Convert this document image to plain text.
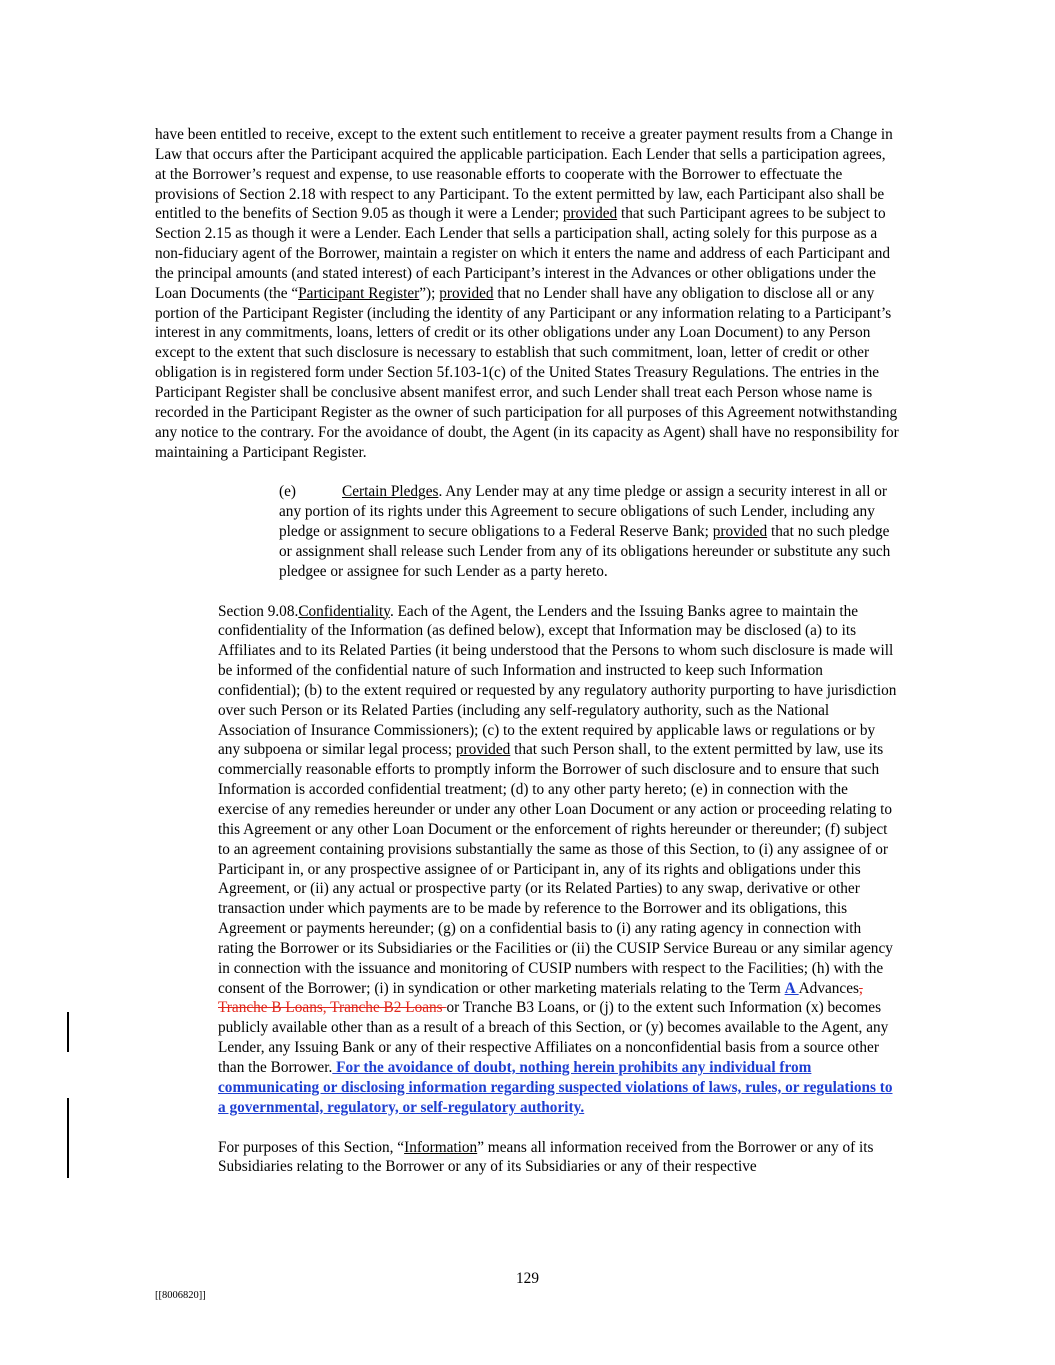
have been entitled to receive, except to the extent such entitlement to receive a greater payment results from a Change in Law that occurs after the Participant acquired the applicable participation. Each Lender that sells a participation agrees, at the Borrower’s request and expense, to use reasonable efforts to cooperate with the Borrower to effectuate the provisions of Section 2.18 with respect to any Participant. To the extent permitted by law, each Participant also shall be entitled to the benefits of Section 9.05 as though it were a Lender; provided that such Participant agrees to be subject to Section 2.15 as though it were a Lender. Each Lender that sells a participation shall, acting solely for this purpose as a non-fiduciary agent of the Borrower, maintain a register on which it enters the name and address of each Participant and the principal amounts (and stated interest) of each Participant’s interest in the Advances or other obligations under the Loan Documents (the “Participant Register”); provided that no Lender shall have any obligation to disclose all or any portion of the Participant Register (including the identity of any Participant or any information relating to a Participant’s interest in any commitments, loans, letters of credit or its other obligations under any Loan Document) to any Person except to the extent that such disclosure is necessary to establish that such commitment, loan, letter of credit or other obligation is in registered form under Section 5f.103-1(c) of the United States Treasury Regulations. The entries in the Participant Register shall be conclusive absent manifest error, and such Lender shall treat each Person whose name is recorded in the Participant Register as the owner of such participation for all purposes of this Agreement notwithstanding any notice to the contrary. For the avoidance of doubt, the Agent (in its capacity as Agent) shall have no responsibility for maintaining a Participant Register.

(e)	Certain Pledges. Any Lender may at any time pledge or assign a security interest in all or any portion of its rights under this Agreement to secure obligations of such Lender, including any pledge or assignment to secure obligations to a Federal Reserve Bank; provided that no such pledge or assignment shall release such Lender from any of its obligations hereunder or substitute any such pledgee or assignee for such Lender as a party hereto.

Section 9.08.Confidentiality. Each of the Agent, the Lenders and the Issuing Banks agree to maintain the confidentiality of the Information (as defined below), except that Information may be disclosed (a) to its Affiliates and to its Related Parties (it being understood that the Persons to whom such disclosure is made will be informed of the confidential nature of such Information and instructed to keep such Information confidential); (b) to the extent required or requested by any regulatory authority purporting to have jurisdiction over such Person or its Related Parties (including any self-regulatory authority, such as the National Association of Insurance Commissioners); (c) to the extent required by applicable laws or regulations or by any subpoena or similar legal process; provided that such Person shall, to the extent permitted by law, use its commercially reasonable efforts to promptly inform the Borrower of such disclosure and to ensure that such Information is accorded confidential treatment; (d) to any other party hereto; (e) in connection with the exercise of any remedies hereunder or under any other Loan Document or any action or proceeding relating to this Agreement or any other Loan Document or the enforcement of rights hereunder or thereunder; (f) subject to an agreement containing provisions substantially the same as those of this Section, to (i) any assignee of or Participant in, or any prospective assignee of or Participant in, any of its rights and obligations under this Agreement, or (ii) any actual or prospective party (or its Related Parties) to any swap, derivative or other transaction under which payments are to be made by reference to the Borrower and its obligations, this Agreement or payments hereunder; (g) on a confidential basis to (i) any rating agency in connection with rating the Borrower or its Subsidiaries or the Facilities or (ii) the CUSIP Service Bureau or any similar agency in connection with the issuance and monitoring of CUSIP numbers with respect to the Facilities; (h) with the consent of the Borrower; (i) in syndication or other marketing materials relating to the Term A Advances, Tranche B Loans, Tranche B2 Loans or Tranche B3 Loans, or (j) to the extent such Information (x) becomes publicly available other than as a result of a breach of this Section, or (y) becomes available to the Agent, any Lender, any Issuing Bank or any of their respective Affiliates on a nonconfidential basis from a source other than the Borrower. For the avoidance of doubt, nothing herein prohibits any individual from communicating or disclosing information regarding suspected violations of laws, rules, or regulations to a governmental, regulatory, or self-regulatory authority.

For purposes of this Section, “Information” means all information received from the Borrower or any of its Subsidiaries relating to the Borrower or any of its Subsidiaries or any of their respective

129
[[8006820]]
